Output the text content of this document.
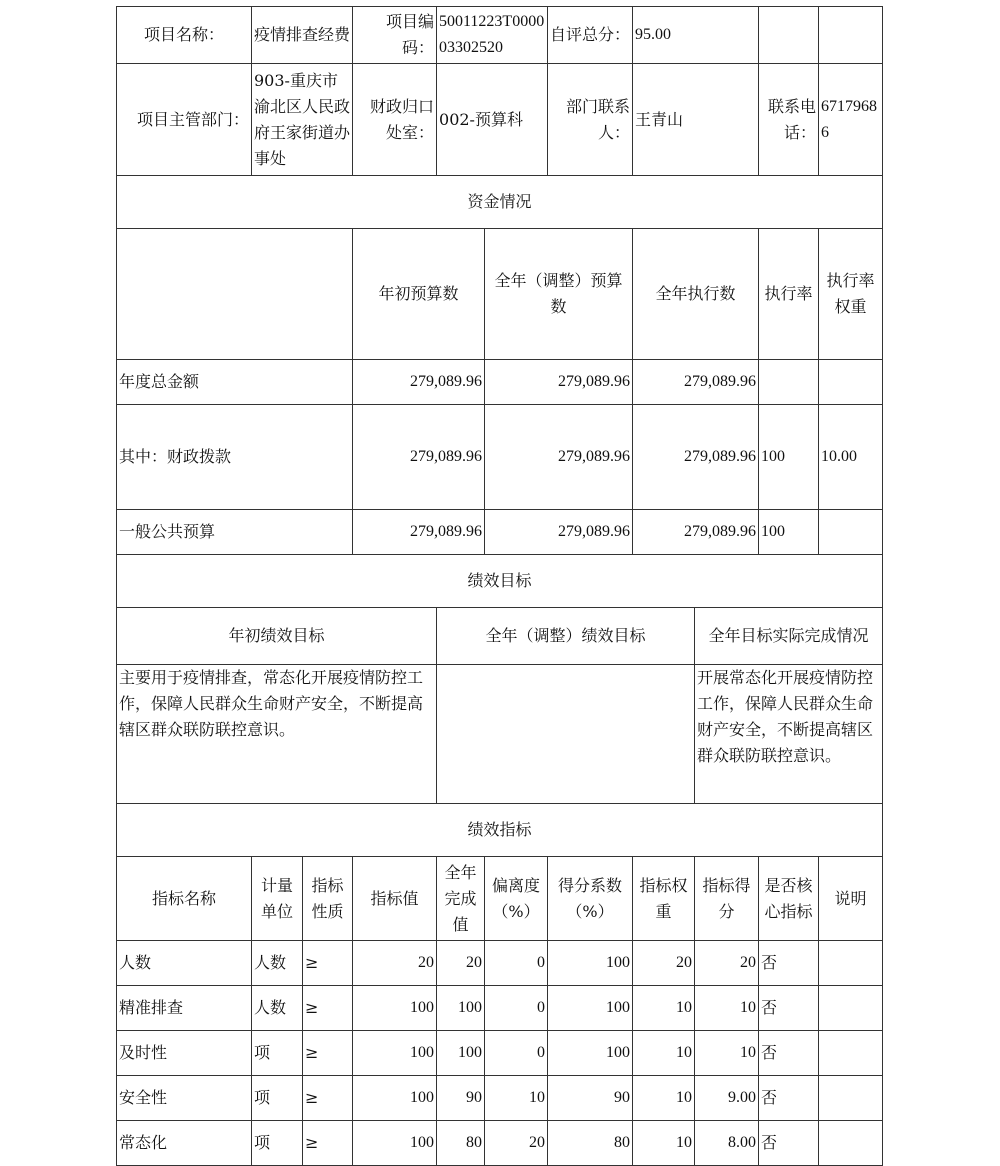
项目名称：	疫情排查经费		项目编码：	50011223T000003302520		自评总分：	95.00				
项目主管部门：	903-重庆市渝北区人民政府王家街道办事处		财政归口处室：	002-预算科		部门联系人：	王青山		联系电话：	67179686	
资金情况											
			年初预算数		全年（调整）预算数		全年执行数		执行率	执行率权重	
年度总金额			279,089.96		279,089.96		279,089.96				
其中：财政拨款			279,089.96		279,089.96		279,089.96		100	10.00	
一般公共预算			279,089.96		279,089.96		279,089.96		100		
绩效目标											
年初绩效目标				全年（调整）绩效目标				全年目标实际完成情况			
主要用于疫情排查，常态化开展疫情防控工作，保障人民群众生命财产安全，不断提高辖区群众联防联控意识。								开展常态化开展疫情防控工作，保障人民群众生命财产安全，不断提高辖区群众联防联控意识。			
绩效指标											
指标名称	计量单位	指标性质	指标值	全年完成值	偏离度（%）	得分系数（%）	指标权重	指标得分	是否核心指标	说明	
人数	人数	≥	20	20	0	100	20	20	否		
精准排查	人数	≥	100	100	0	100	10	10	否		
及时性	项	≥	100	100	0	100	10	10	否		
安全性	项	≥	100	90	10	90	10	9.00	否		
常态化	项	≥	100	80	20	80	10	8.00	否		
